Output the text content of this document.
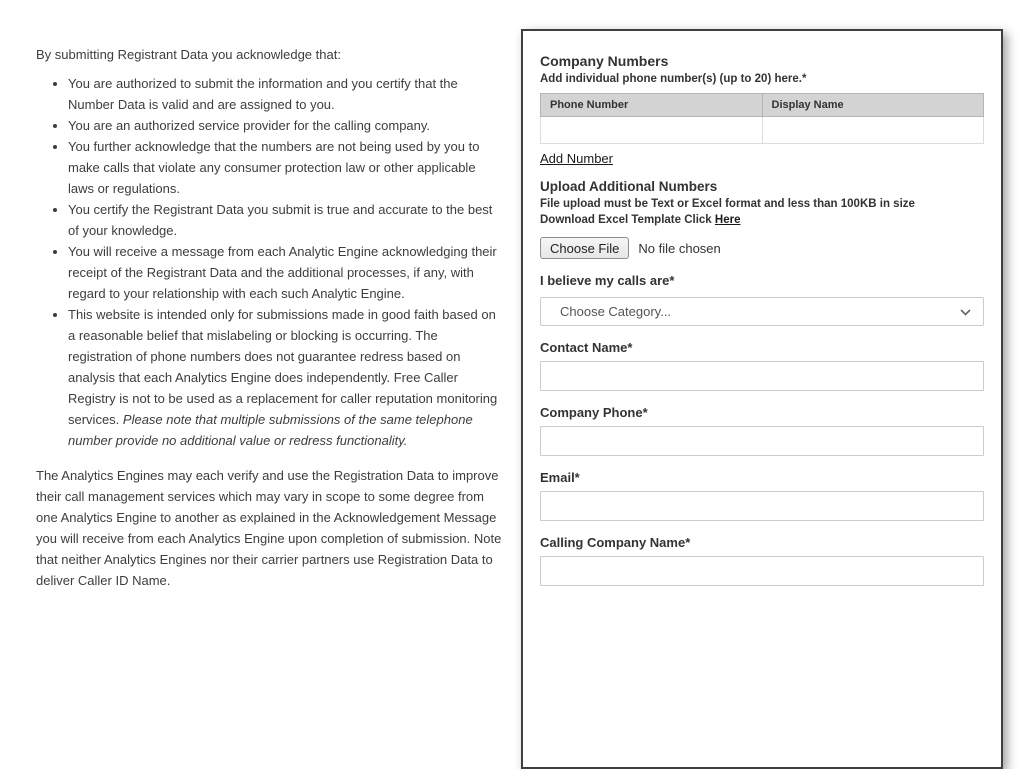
By submitting Registrant Data you acknowledge that:

• You are authorized to submit the information and you certify that the Number Data is valid and are assigned to you.
• You are an authorized service provider for the calling company.
• You further acknowledge that the numbers are not being used by you to make calls that violate any consumer protection law or other applicable laws or regulations.
• You certify the Registrant Data you submit is true and accurate to the best of your knowledge.
• You will receive a message from each Analytic Engine acknowledging their receipt of the Registrant Data and the additional processes, if any, with regard to your relationship with each such Analytic Engine.
• This website is intended only for submissions made in good faith based on a reasonable belief that mislabeling or blocking is occurring. The registration of phone numbers does not guarantee redress based on analysis that each Analytics Engine does independently. Free Caller Registry is not to be used as a replacement for caller reputation monitoring services. Please note that multiple submissions of the same telephone number provide no additional value or redress functionality.

The Analytics Engines may each verify and use the Registration Data to improve their call management services which may vary in scope to some degree from one Analytics Engine to another as explained in the Acknowledgement Message you will receive from each Analytics Engine upon completion of submission. Note that neither Analytics Engines nor their carrier partners use Registration Data to deliver Caller ID Name.

Company Numbers
Add individual phone number(s) (up to 20) here.*
Phone Number	Display Name

Add Number
Upload Additional Numbers
File upload must be Text or Excel format and less than 100KB in size
Download Excel Template Click Here
Choose File	No file chosen
I believe my calls are*
Choose Category...
Contact Name*
Company Phone*
Email*
Calling Company Name*
